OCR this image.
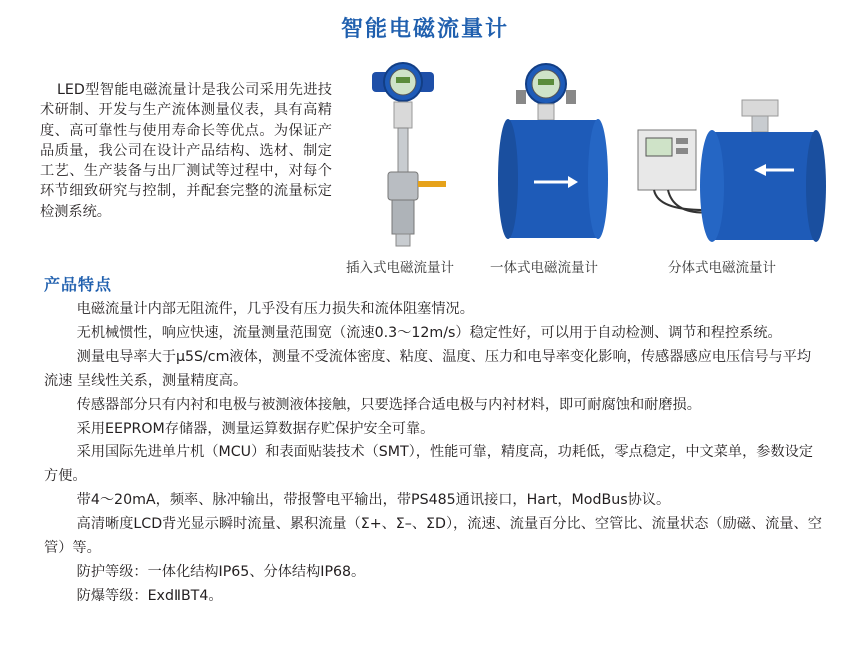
智能电磁流量计

LED型智能电磁流量计是我公司采用先进技术研制、开发与生产流体测量仪表，具有高精度、高可靠性与使用寿命长等优点。为保证产品质量，我公司在设计产品结构、选材、制定工艺、生产装备与出厂测试等过程中，对每个环节细致研究与控制，并配套完整的流量标定检测系统。

插入式电磁流量计	一体式电磁流量计	分体式电磁流量计
产品特点
电磁流量计内部无阻流件，几乎没有压力损失和流体阻塞情况。
无机械惯性，响应快速，流量测量范围宽（流速0.3～12m/s）稳定性好，可以用于自动检测、调节和程控系统。
测量电导率大于μ5S/cm液体，测量不受流体密度、粘度、温度、压力和电导率变化影响，传感器感应电压信号与平均流速 呈线性关系，测量精度高。
传感器部分只有内衬和电极与被测液体接触，只要选择合适电极与内衬材料，即可耐腐蚀和耐磨损。
采用EEPROM存储器，测量运算数据存贮保护安全可靠。
采用国际先进单片机（MCU）和表面贴装技术（SMT），性能可靠，精度高，功耗低，零点稳定，中文菜单，参数设定方便。
带4～20mA，频率、脉冲输出，带报警电平输出，带PS485通讯接口，Hart，ModBus协议。
高清晰度LCD背光显示瞬时流量、累积流量（Σ+、Σ–、ΣD），流速、流量百分比、空管比、流量状态（励磁、流量、空管）等。
防护等级：一体化结构IP65、分体结构IP68。
防爆等级：ExdⅡBT4。
